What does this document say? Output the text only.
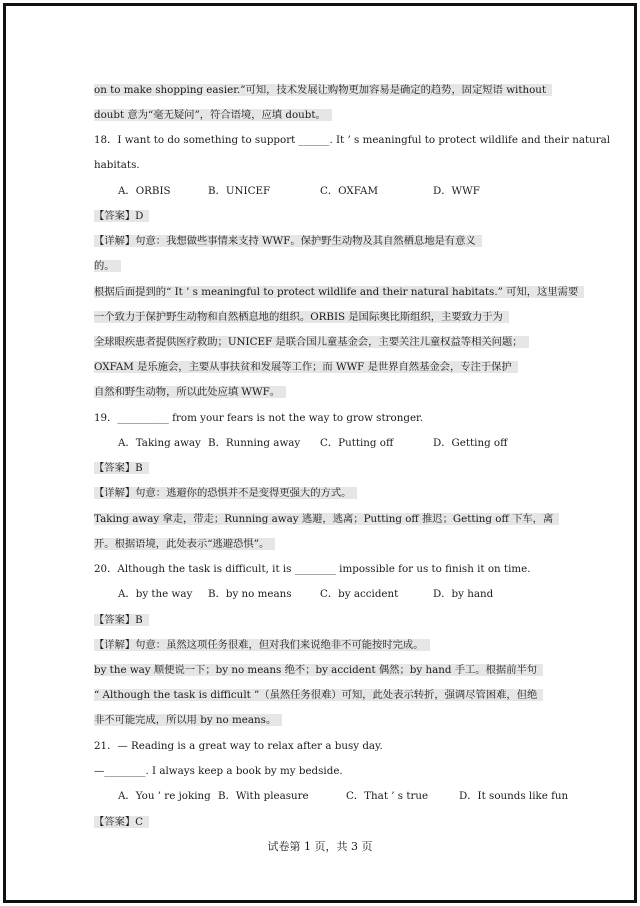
on to make shopping easier.”可知，技术发展让购物更加容易是确定的趋势，固定短语 without
doubt 意为“毫无疑问”，符合语境，应填 doubt。
18．I want to do something to support ______. It ’ s meaningful to protect wildlife and their natural
habitats.
A．ORBIS	B．UNICEF	C．OXFAM	D．WWF
【答案】D
【详解】句意：我想做些事情来支持 WWF。保护野生动物及其自然栖息地是有意义
的。
根据后面提到的“ It ’ s meaningful to protect wildlife and their natural habitats.” 可知，这里需要
一个致力于保护野生动物和自然栖息地的组织。ORBIS 是国际奥比斯组织，主要致力于为
全球眼疾患者提供医疗救助；UNICEF 是联合国儿童基金会，主要关注儿童权益等相关问题；
OXFAM 是乐施会，主要从事扶贫和发展等工作；而 WWF 是世界自然基金会，专注于保护
自然和野生动物，所以此处应填 WWF。
19．__________ from your fears is not the way to grow stronger.
A．Taking away B．Running away C．Putting off	D．Getting off
【答案】B
【详解】句意：逃避你的恐惧并不是变得更强大的方式。
Taking away 拿走，带走；Running away 逃避，逃离；Putting off 推迟；Getting off 下车，离
开。根据语境，此处表示“逃避恐惧”。
20．Although the task is difficult, it is ________ impossible for us to finish it on time.
A．by the way B．by no means	C．by accident	D．by hand
【答案】B
【详解】句意：虽然这项任务很难，但对我们来说绝非不可能按时完成。
by the way 顺便说一下；by no means 绝不；by accident 偶然；by hand 手工。根据前半句
“ Although the task is difficult ”（虽然任务很难）可知，此处表示转折，强调尽管困难，但绝
非不可能完成，所以用 by no means。
21．— Reading is a great way to relax after a busy day.
—________. I always keep a book by my bedside.
A．You ’ re joking B．With pleasure	C．That ’ s true	D．It sounds like fun
【答案】C
试卷第 1 页，共 3 页
